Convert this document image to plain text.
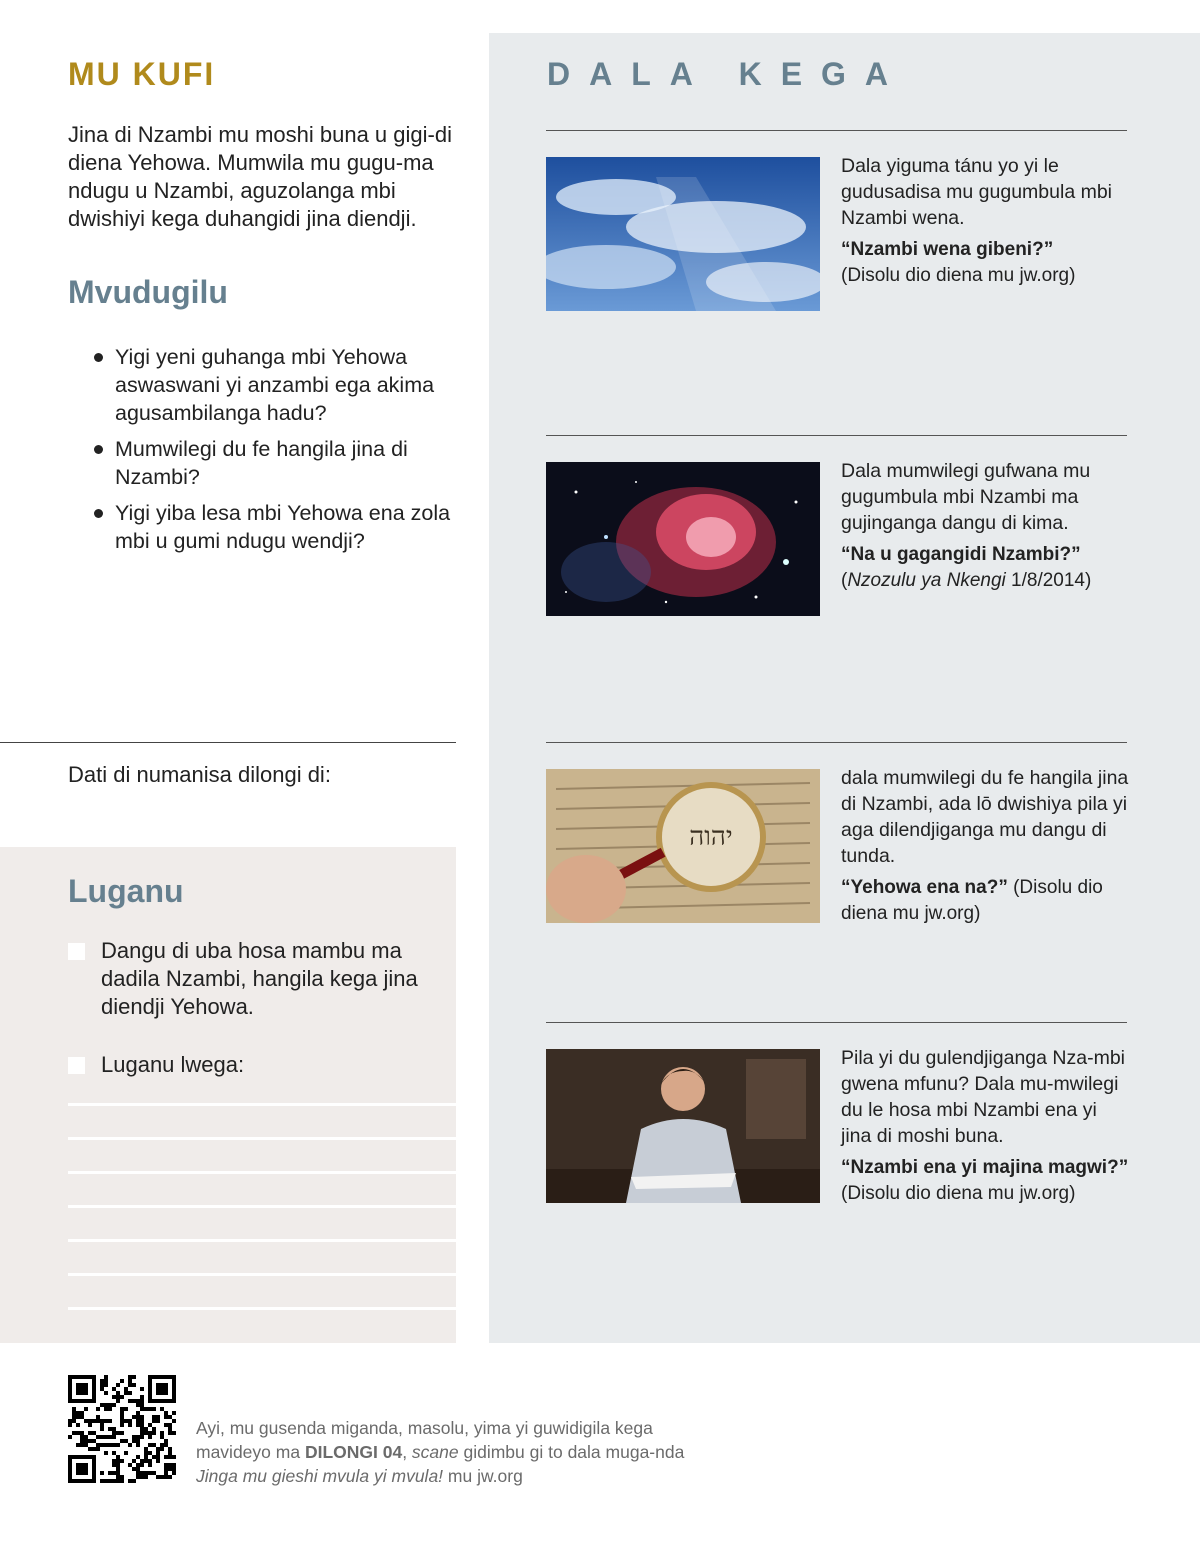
MU KUFI
Jina di Nzambi mu moshi buna u gigi-di diena Yehowa. Mumwila mu gugu-ma ndugu u Nzambi, aguzolanga mbi dwishiyi kega duhangidi jina diendji.
Mvudugilu
Yigi yeni guhanga mbi Yehowa aswaswani yi anzambi ega akima agusambilanga hadu?
Mumwilegi du fe hangila jina di Nzambi?
Yigi yiba lesa mbi Yehowa ena zola mbi u gumi ndugu wendji?
Dati di numanisa dilongi di:
Luganu
Dangu di uba hosa mambu ma dadila Nzambi, hangila kega jina diendji Yehowa.
Luganu lwega:
DALA KEGA
Dala yiguma tánu yo yi le gudusadisa mu gugumbula mbi Nzambi wena.
“Nzambi wena gibeni?”
(Disolu dio diena mu jw.org)
Dala mumwilegi gufwana mu gugumbula mbi Nzambi ma gujinganga dangu di kima.
“Na u gagangidi Nzambi?”
(Nzozulu ya Nkengi 1/8/2014)
יהוה
dala mumwilegi du fe hangila jina di Nzambi, ada lō dwishiya pila yi aga dilendjiganga mu dangu di tunda.
“Yehowa ena na?” (Disolu dio diena mu jw.org)
Pila yi du gulendjiganga Nza-mbi gwena mfunu? Dala mu-mwilegi du le hosa mbi Nzambi ena yi jina di moshi buna.
“Nzambi ena yi majina magwi?” (Disolu dio diena mu jw.org)
Ayi, mu gusenda miganda, masolu, yima yi guwidigila kega mavideyo ma DILONGI 04, scane gidimbu gi to dala muga-nda Jinga mu gieshi mvula yi mvula! mu jw.org
